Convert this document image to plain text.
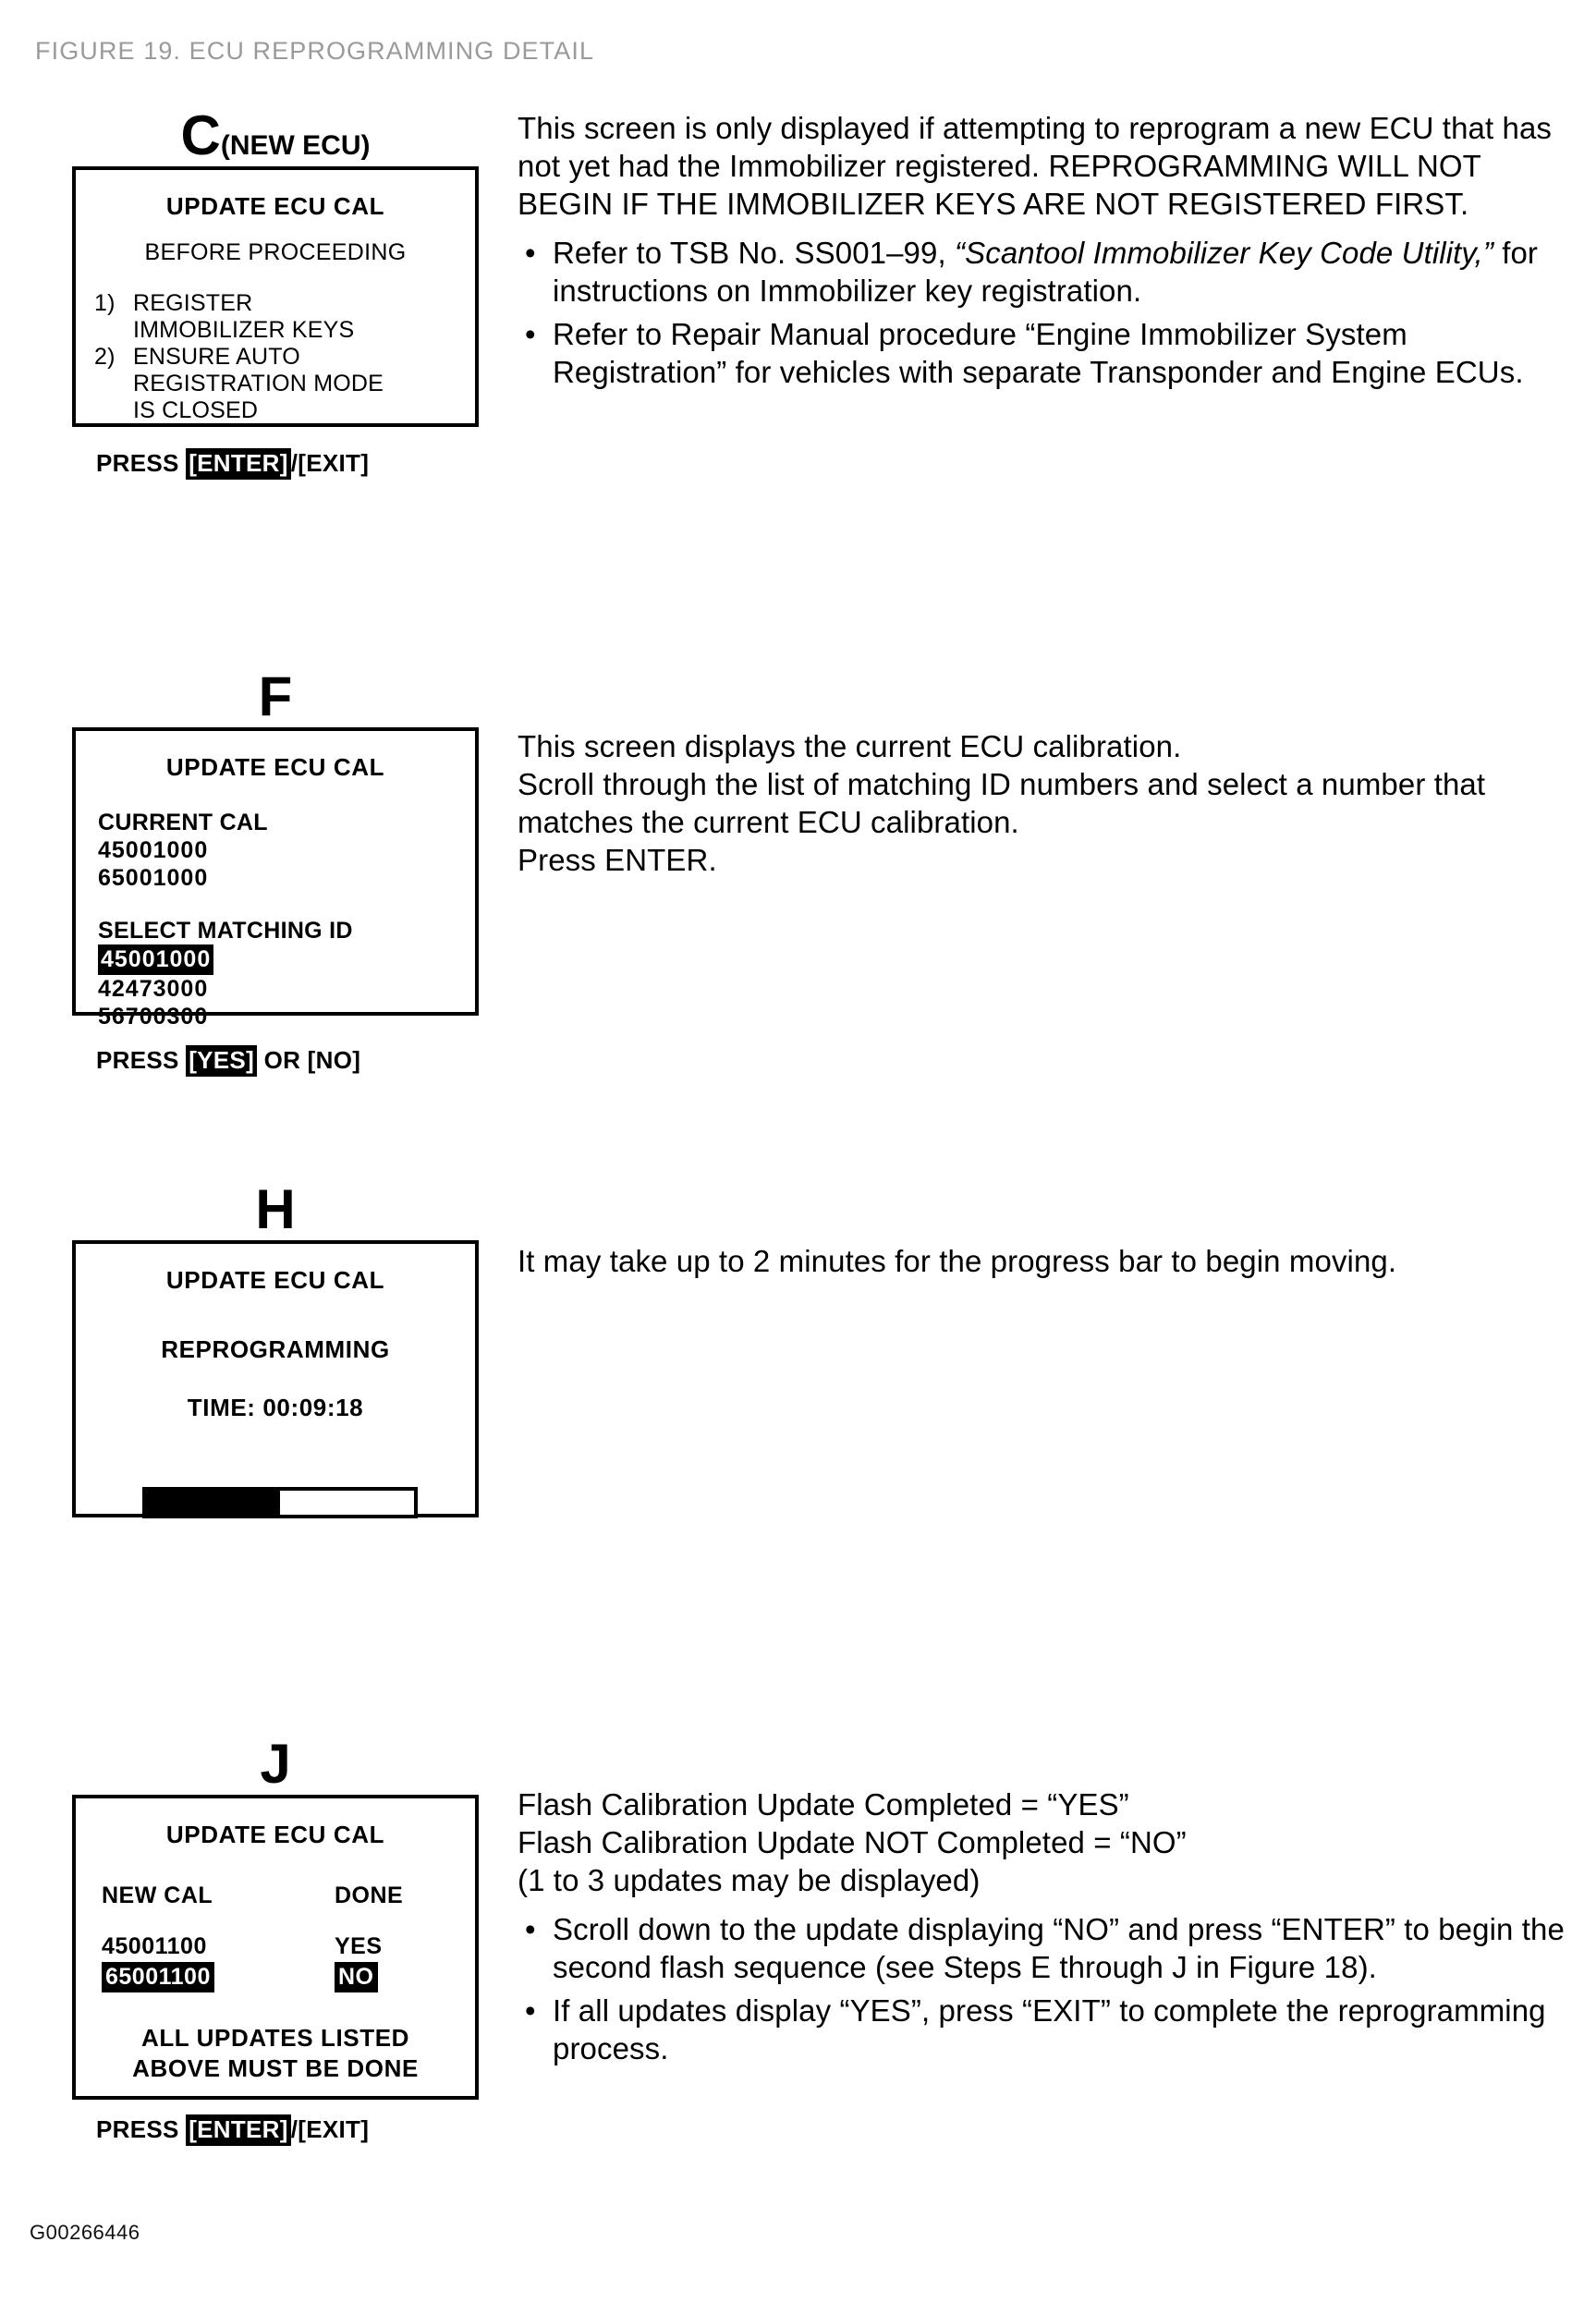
FIGURE 19. ECU REPROGRAMMING DETAIL
C(NEW ECU)
UPDATE ECU CAL
BEFORE PROCEEDING
1) REGISTER
IMMOBILIZER KEYS
2) ENSURE AUTO
REGISTRATION MODE
IS CLOSED
PRESS [ENTER] /[EXIT]

This screen is only displayed if attempting to reprogram a new ECU that has not yet had the Immobilizer registered. REPROGRAMMING WILL NOT BEGIN IF THE IMMOBILIZER KEYS ARE NOT REGISTERED FIRST.

• Refer to TSB No. SS001–99, “Scantool Immobilizer Key Code Utility,” for instructions on Immobilizer key registration.
• Refer to Repair Manual procedure “Engine Immobilizer System Registration” for vehicles with separate Transponder and Engine ECUs.
F
UPDATE ECU CAL
CURRENT CAL
45001000
65001000
SELECT MATCHING ID
45001000
42473000
56700300
PRESS [YES] OR [NO]

This screen displays the current ECU calibration.

Scroll through the list of matching ID numbers and select a number that matches the current ECU calibration.

Press ENTER.

H
UPDATE ECU CAL
REPROGRAMMING
TIME: 00:09:18

It may take up to 2 minutes for the progress bar to begin moving.

J
UPDATE ECU CAL
NEW CAL	DONE
45001100	YES
65001100	NO
ALL UPDATES LISTED
ABOVE MUST BE DONE
PRESS [ENTER] /[EXIT]

Flash Calibration Update Completed = “YES”

Flash Calibration Update NOT Completed = “NO”

(1 to 3 updates may be displayed)

• Scroll down to the update displaying “NO” and press “ENTER” to begin the second flash sequence (see Steps E through J in Figure 18).
• If all updates display “YES”, press “EXIT” to complete the reprogramming process.
G00266446
